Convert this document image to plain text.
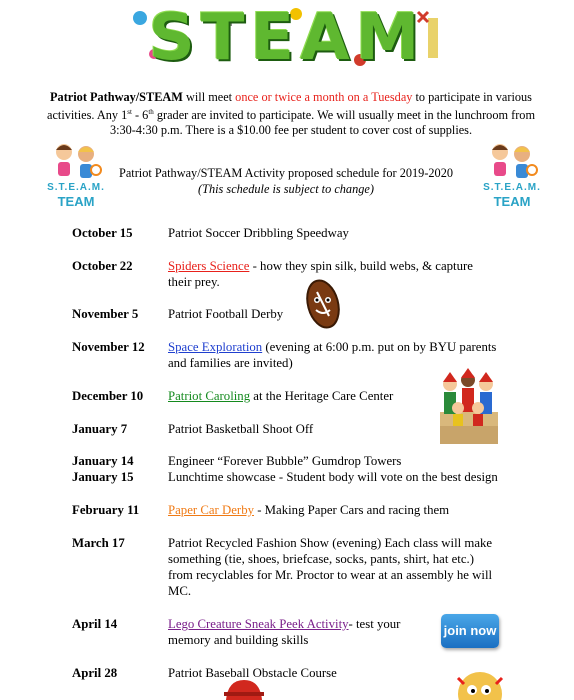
STEAM
Patriot Pathway/STEAM will meet once or twice a month on a Tuesday to participate in various activities. Any 1st - 6th grader are invited to participate. We will usually meet in the lunchroom from 3:30-4:30 p.m. There is a $10.00 fee per student to cover cost of supplies.
S.T.E.A.M.
TEAM
S.T.E.A.M.
TEAM
Patriot Pathway/STEAM Activity proposed schedule for 2019-2020
(This schedule is subject to change)
October 15	Patriot Soccer Dribbling Speedway
October 22	Spiders Science - how they spin silk, build webs, & capture
their prey.
November 5	Patriot Football Derby
November 12	Space Exploration (evening at 6:00 p.m. put on by BYU parents
and families are invited)
December 10	Patriot Caroling at the Heritage Care Center
January 7	Patriot Basketball Shoot Off
January 14	Engineer “Forever Bubble” Gumdrop Towers
January 15	Lunchtime showcase - Student body will vote on the best design
February 11	Paper Car Derby - Making Paper Cars and racing them
March 17	Patriot Recycled Fashion Show (evening) Each class will make
something (tie, shoes, briefcase, socks, pants, shirt, hat etc.)
from recyclables for Mr. Proctor to wear at an assembly he will
MC.
April 14	Lego Creature Sneak Peek Activity- test your
memory and building skills
join now
April 28	Patriot Baseball Obstacle Course
